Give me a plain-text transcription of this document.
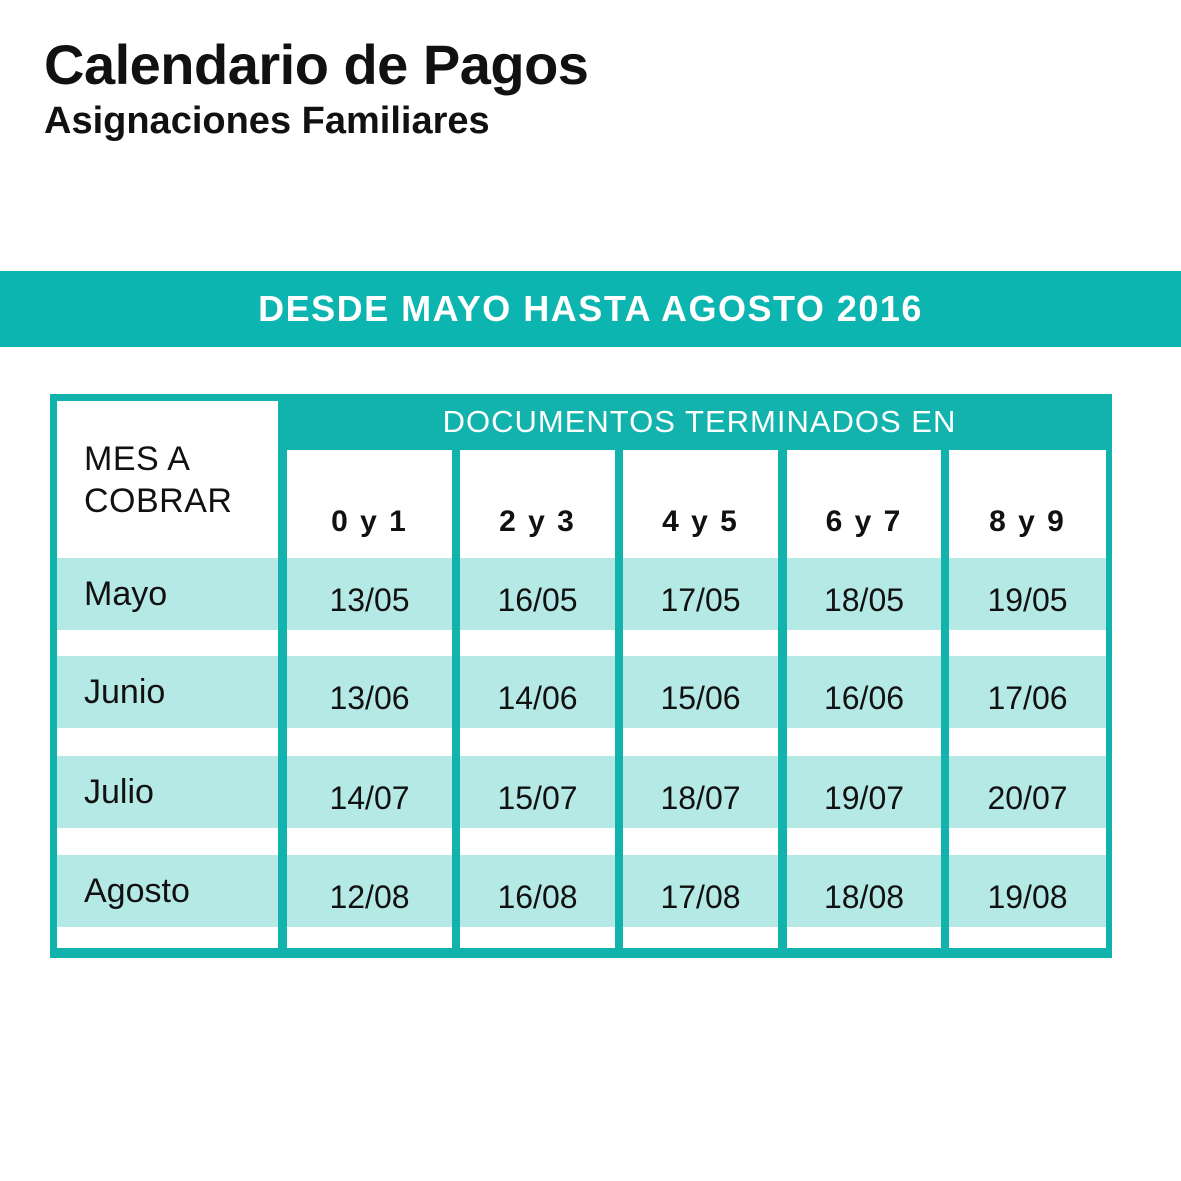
Calendario de Pagos
Asignaciones Familiares
DESDE MAYO HASTA AGOSTO 2016
DOCUMENTOS TERMINADOS EN
MES A
COBRAR
0 y 1	2 y 3	4 y 5	6 y 7	8 y 9
Mayo	13/05	16/05	17/05	18/05	19/05
Junio	13/06	14/06	15/06	16/06	17/06
Julio	14/07	15/07	18/07	19/07	20/07
Agosto	12/08	16/08	17/08	18/08	19/08
